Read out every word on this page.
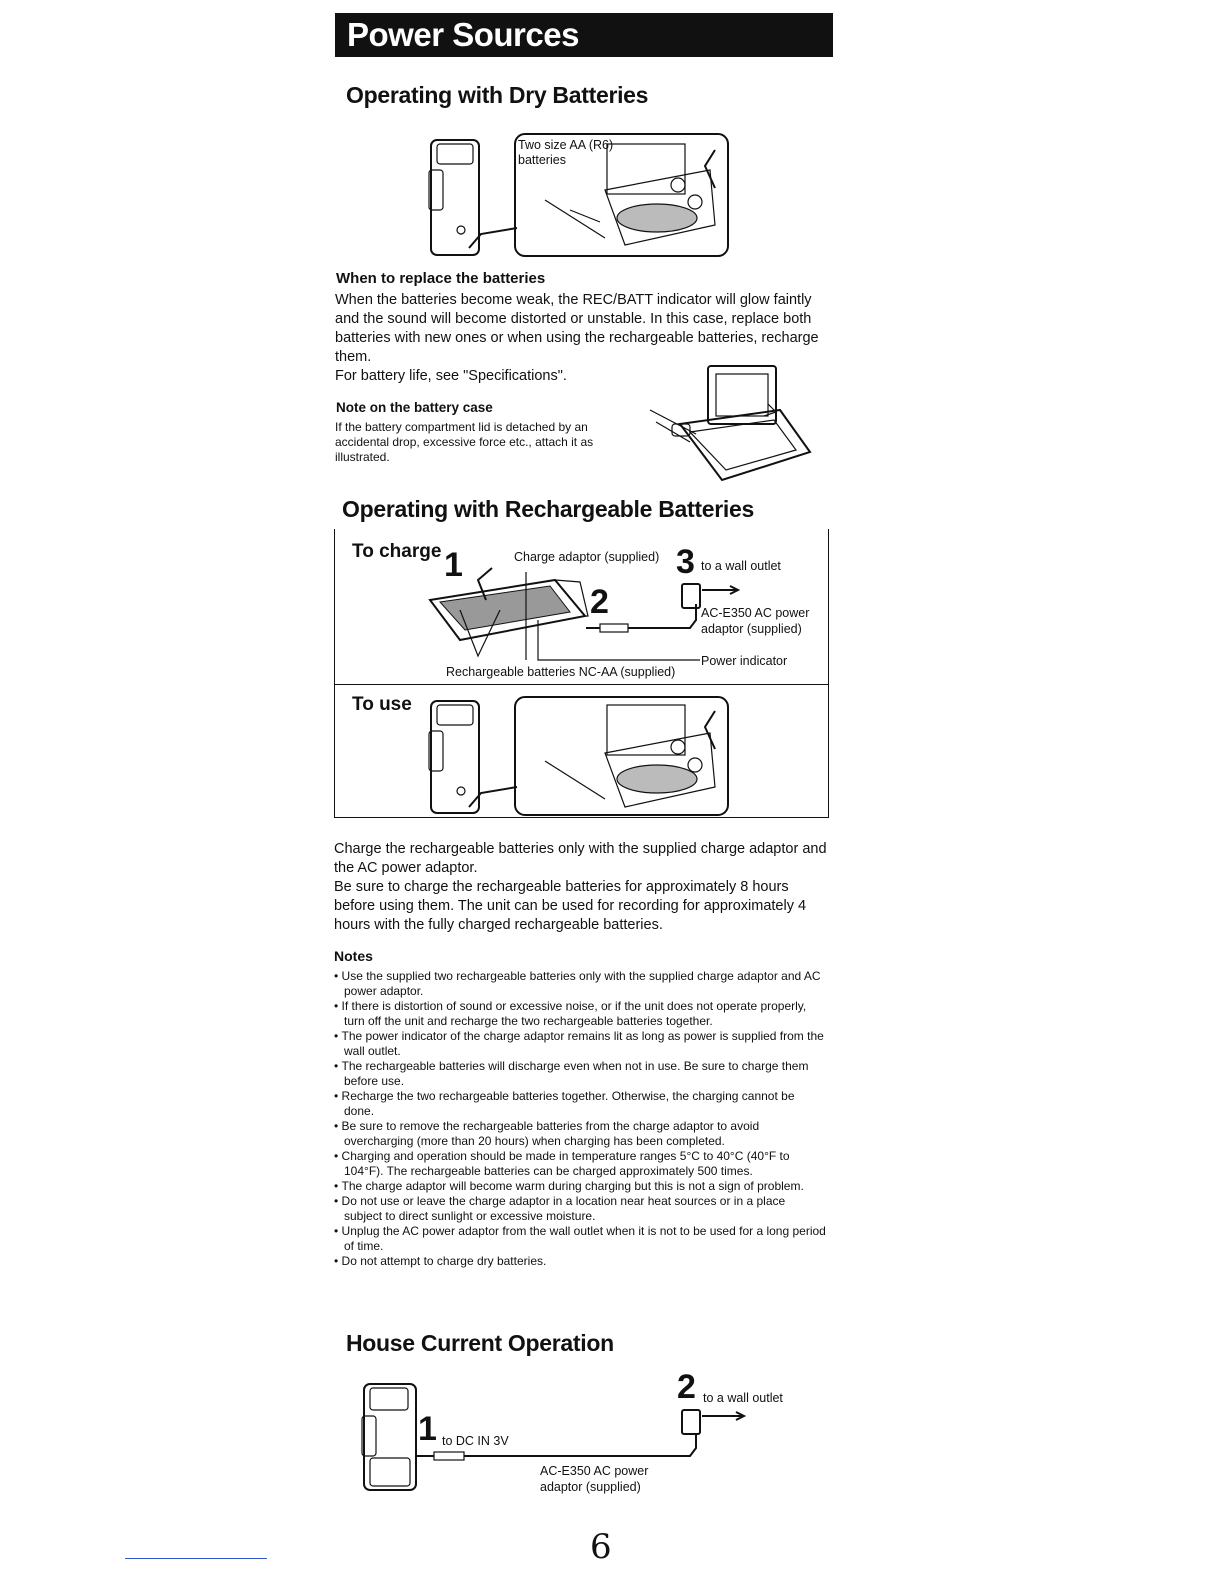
Power Sources
Operating with Dry Batteries
Two size AA (R6) batteries
When to replace the batteries
When the batteries become weak, the REC/BATT indicator will glow faintly and the sound will become distorted or unstable. In this case, replace both batteries with new ones or when using the rechargeable batteries, recharge them.
For battery life, see "Specifications".
Note on the battery case
If the battery compartment lid is detached by an accidental drop, excessive force etc., attach it as illustrated.
Operating with Rechargeable Batteries
To charge 1	Charge adaptor (supplied) 3 to a wall outlet
2	AC-E350 AC power
adaptor (supplied)
Power indicator
Rechargeable batteries NC-AA (supplied)
To use
Charge the rechargeable batteries only with the supplied charge adaptor and the AC power adaptor.
Be sure to charge the rechargeable batteries for approximately 8 hours before using them. The unit can be used for recording for approximately 4 hours with the fully charged rechargeable batteries.
Notes
• Use the supplied two rechargeable batteries only with the supplied charge adaptor and AC power adaptor.
• If there is distortion of sound or excessive noise, or if the unit does not operate properly, turn off the unit and recharge the two rechargeable batteries together.
• The power indicator of the charge adaptor remains lit as long as power is supplied from the wall outlet.
• The rechargeable batteries will discharge even when not in use. Be sure to charge them before use.
• Recharge the two rechargeable batteries together. Otherwise, the charging cannot be done.
• Be sure to remove the rechargeable batteries from the charge adaptor to avoid overcharging (more than 20 hours) when charging has been completed.
• Charging and operation should be made in temperature ranges 5°C to 40°C (40°F to 104°F). The rechargeable batteries can be charged approximately 500 times.
• The charge adaptor will become warm during charging but this is not a sign of problem.
• Do not use or leave the charge adaptor in a location near heat sources or in a place subject to direct sunlight or excessive moisture.
• Unplug the AC power adaptor from the wall outlet when it is not to be used for a long period of time.
• Do not attempt to charge dry batteries.
House Current Operation
1 to DC IN 3V
2 to a wall outlet
AC-E350 AC power
adaptor (supplied)
6
